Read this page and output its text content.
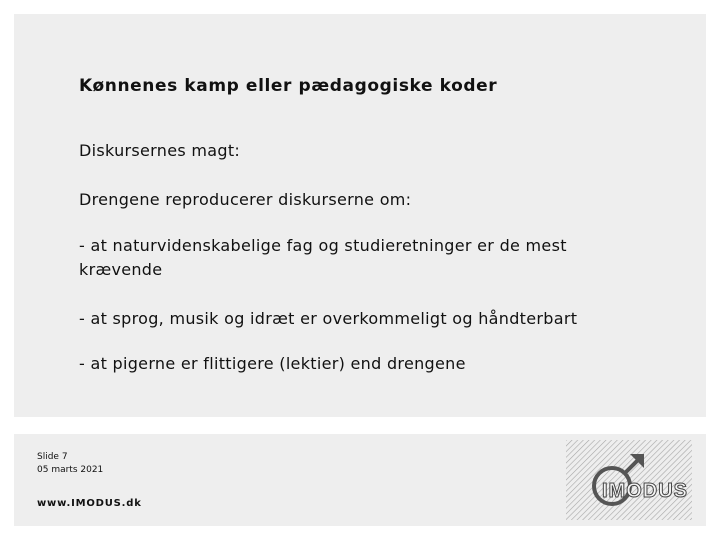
Kønnenes kamp eller pædagogiske koder
Diskursernes magt:
Drengene reproducerer diskurserne om:
- at naturvidenskabelige fag og studieretninger er de mest krævende
- at sprog, musik og idræt er overkommeligt og håndterbart
- at pigerne er flittigere (lektier) end drengene
Slide 7
05 marts 2021
www.IMODUS.dk
IMODUS
